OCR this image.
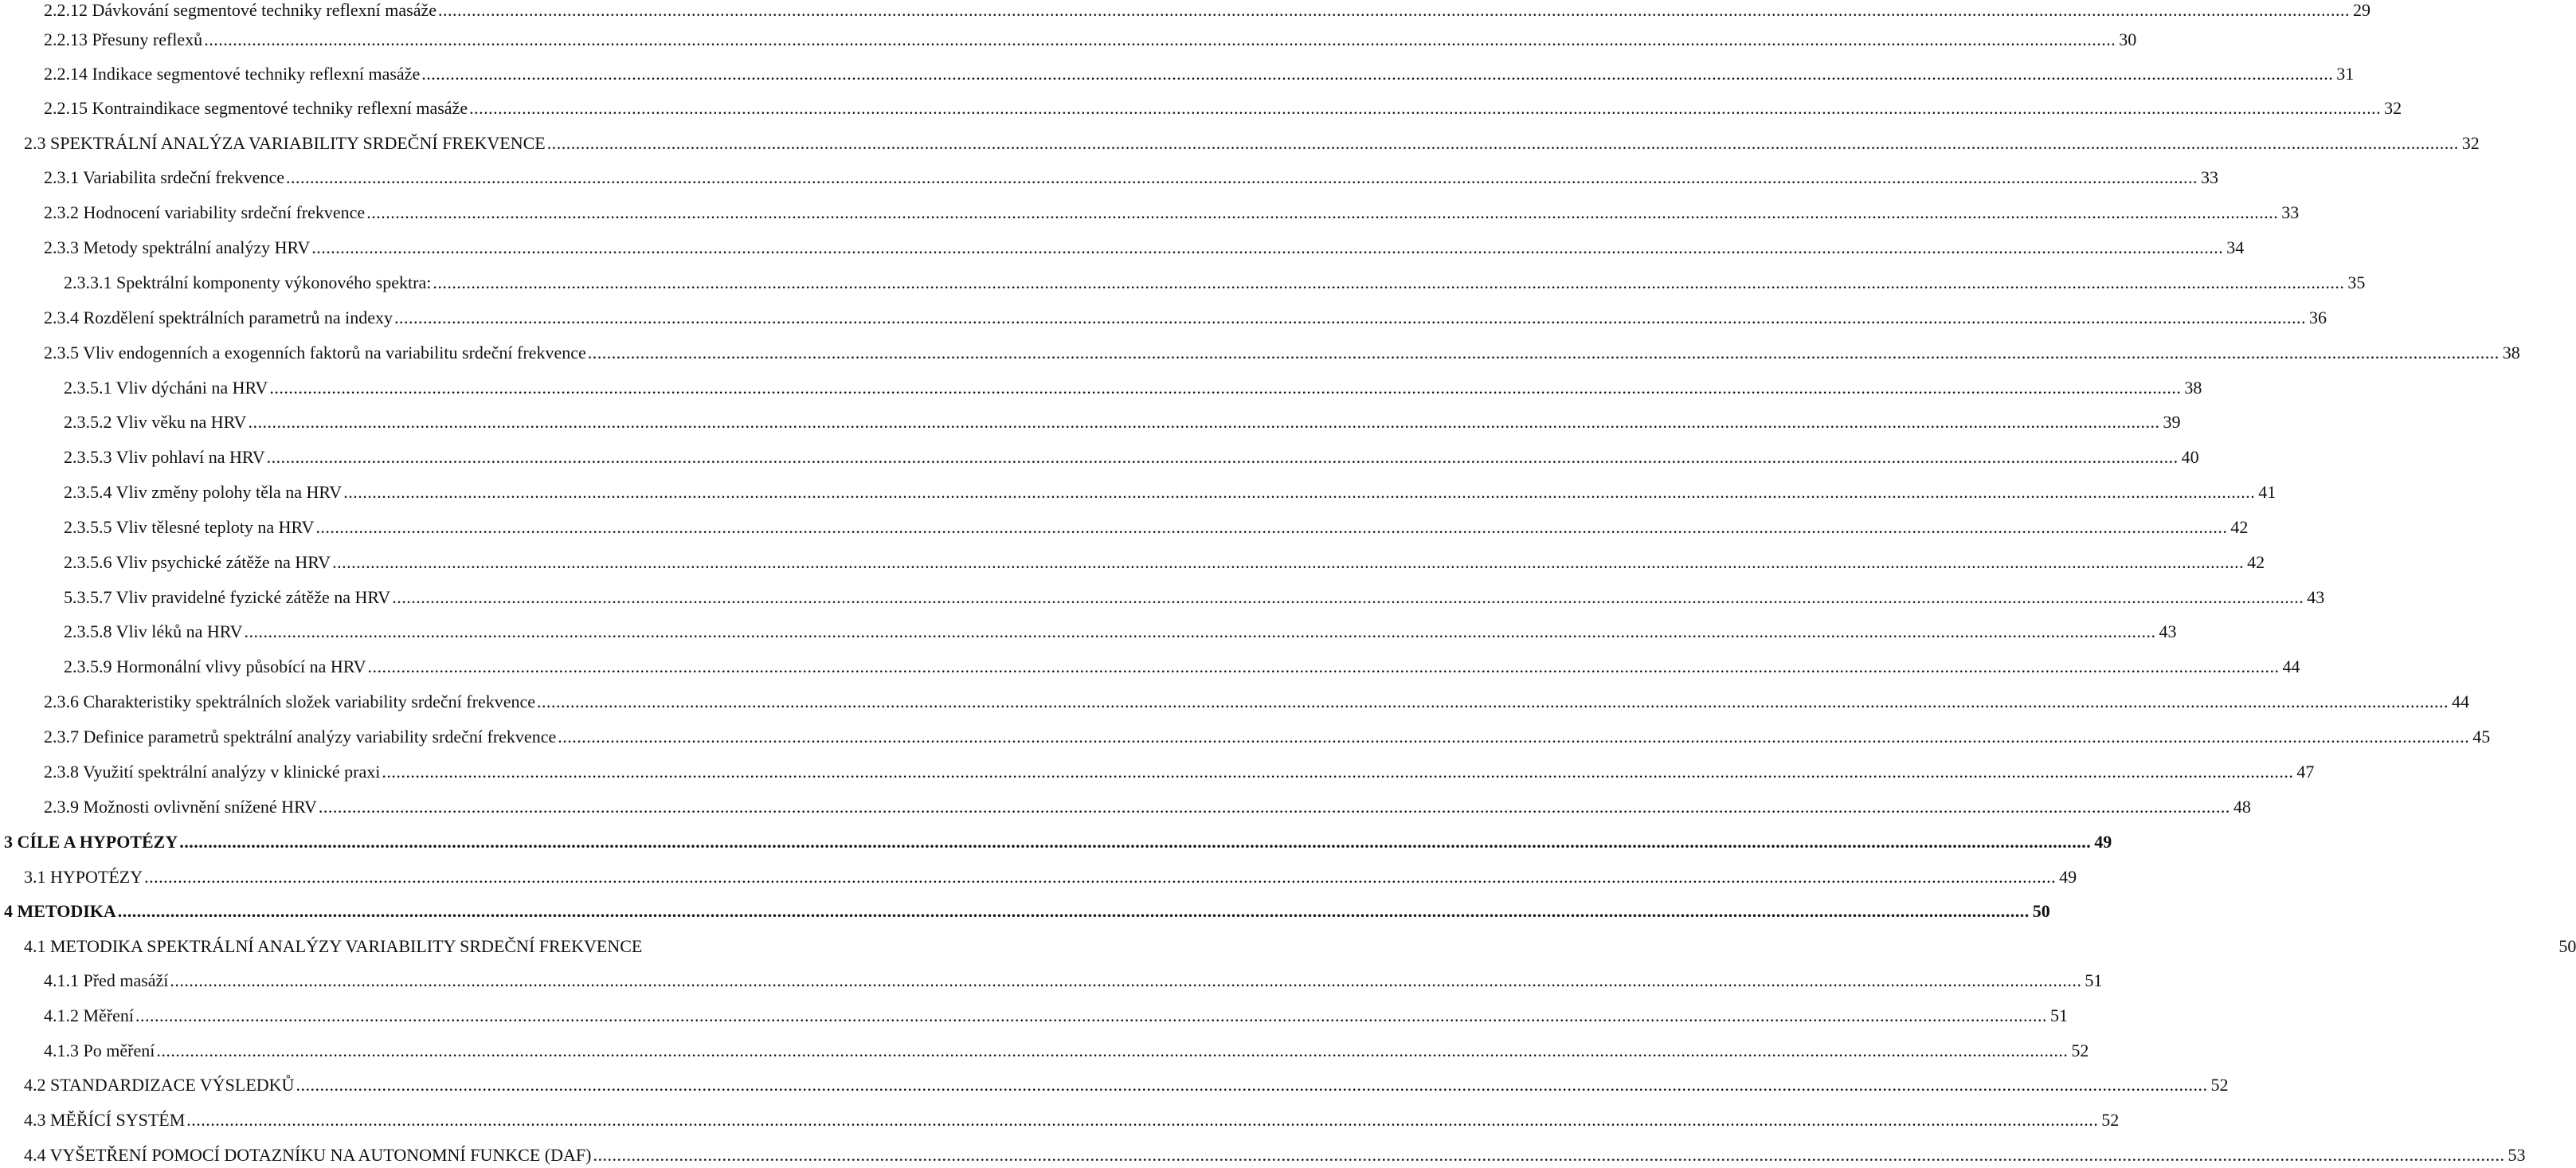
2.2.12 Dávkování segmentové techniky reflexní masáže ................................................................................................................................................................................................................................................................................................................................................................................................................ 29
2.2.13 Přesuny reflexů ................................................................................................................................................................................................................................................................................................................................................................................................................ 30
2.2.14 Indikace segmentové techniky reflexní masáže ................................................................................................................................................................................................................................................................................................................................................................................................................ 31
2.2.15 Kontraindikace segmentové techniky reflexní masáže ................................................................................................................................................................................................................................................................................................................................................................................................................ 32
2.3 SPEKTRÁLNÍ ANALÝZA VARIABILITY SRDEČNÍ FREKVENCE ................................................................................................................................................................................................................................................................................................................................................................................................................ 32
2.3.1 Variabilita srdeční frekvence ................................................................................................................................................................................................................................................................................................................................................................................................................ 33
2.3.2 Hodnocení variability srdeční frekvence ................................................................................................................................................................................................................................................................................................................................................................................................................ 33
2.3.3 Metody spektrální analýzy HRV ................................................................................................................................................................................................................................................................................................................................................................................................................ 34
2.3.3.1 Spektrální komponenty výkonového spektra: ................................................................................................................................................................................................................................................................................................................................................................................................................ 35
2.3.4 Rozdělení spektrálních parametrů na indexy ................................................................................................................................................................................................................................................................................................................................................................................................................ 36
2.3.5 Vliv endogenních a exogenních faktorů na variabilitu srdeční frekvence ................................................................................................................................................................................................................................................................................................................................................................................................................ 38
2.3.5.1 Vliv dýcháni na HRV ................................................................................................................................................................................................................................................................................................................................................................................................................ 38
2.3.5.2 Vliv věku na HRV ................................................................................................................................................................................................................................................................................................................................................................................................................ 39
2.3.5.3 Vliv pohlaví na HRV ................................................................................................................................................................................................................................................................................................................................................................................................................ 40
2.3.5.4 Vliv změny polohy těla na HRV ................................................................................................................................................................................................................................................................................................................................................................................................................ 41
2.3.5.5 Vliv tělesné teploty na HRV ................................................................................................................................................................................................................................................................................................................................................................................................................ 42
2.3.5.6 Vliv psychické zátěže na HRV ................................................................................................................................................................................................................................................................................................................................................................................................................ 42
5.3.5.7 Vliv pravidelné fyzické zátěže na HRV ................................................................................................................................................................................................................................................................................................................................................................................................................ 43
2.3.5.8 Vliv léků na HRV ................................................................................................................................................................................................................................................................................................................................................................................................................ 43
2.3.5.9 Hormonální vlivy působící na HRV ................................................................................................................................................................................................................................................................................................................................................................................................................ 44
2.3.6 Charakteristiky spektrálních složek variability srdeční frekvence ................................................................................................................................................................................................................................................................................................................................................................................................................ 44
2.3.7 Definice parametrů spektrální analýzy variability srdeční frekvence ................................................................................................................................................................................................................................................................................................................................................................................................................ 45
2.3.8 Využití spektrální analýzy v klinické praxi ................................................................................................................................................................................................................................................................................................................................................................................................................ 47
2.3.9 Možnosti ovlivnění snížené HRV ................................................................................................................................................................................................................................................................................................................................................................................................................ 48
3 CÍLE A HYPOTÉZY ................................................................................................................................................................................................................................................................................................................................................................................................................ 49
3.1 HYPOTÉZY ................................................................................................................................................................................................................................................................................................................................................................................................................ 49
4 METODIKA ................................................................................................................................................................................................................................................................................................................................................................................................................ 50
4.1 METODIKA SPEKTRÁLNÍ ANALÝZY VARIABILITY SRDEČNÍ FREKVENCE	50
4.1.1 Před masáží ................................................................................................................................................................................................................................................................................................................................................................................................................ 51
4.1.2 Měření ................................................................................................................................................................................................................................................................................................................................................................................................................ 51
4.1.3 Po měření ................................................................................................................................................................................................................................................................................................................................................................................................................ 52
4.2 STANDARDIZACE VÝSLEDKŮ ................................................................................................................................................................................................................................................................................................................................................................................................................ 52
4.3 MĚŘÍCÍ SYSTÉM ................................................................................................................................................................................................................................................................................................................................................................................................................ 52
4.4 VYŠETŘENÍ POMOCÍ DOTAZNÍKU NA AUTONOMNÍ FUNKCE (DAF) ................................................................................................................................................................................................................................................................................................................................................................................................................ 53
